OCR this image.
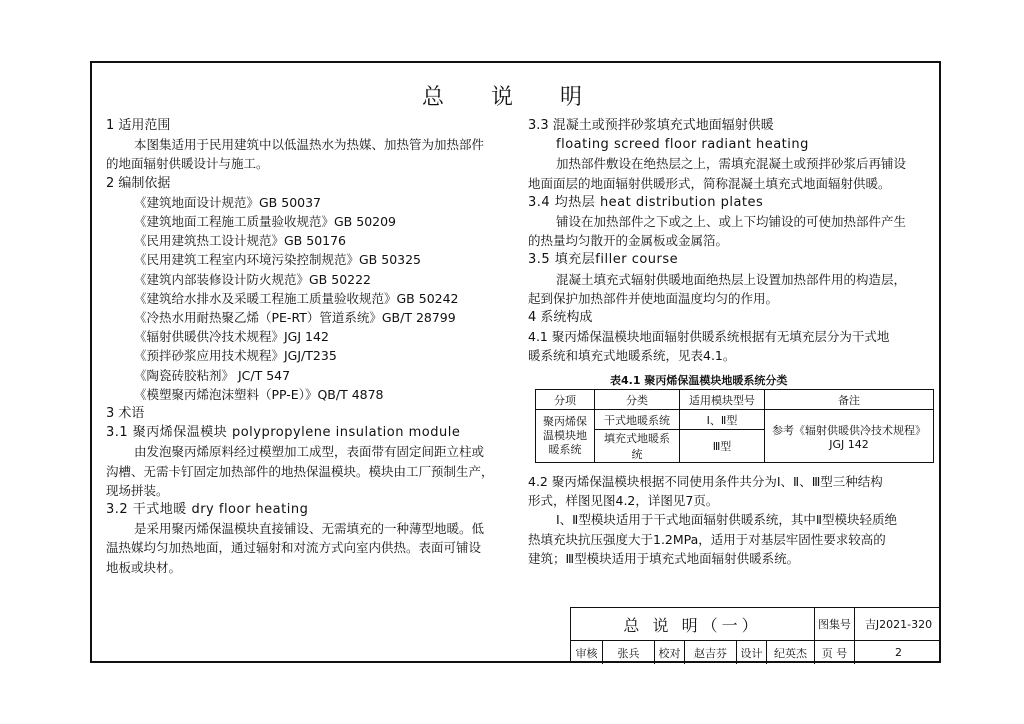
总 说 明
1 适用范围
本图集适用于民用建筑中以低温热水为热媒、加热管为加热部件
的地面辐射供暖设计与施工。
2 编制依据
《建筑地面设计规范》GB 50037
《建筑地面工程施工质量验收规范》GB 50209
《民用建筑热工设计规范》GB 50176
《民用建筑工程室内环境污染控制规范》GB 50325
《建筑内部装修设计防火规范》GB 50222
《建筑给水排水及采暖工程施工质量验收规范》GB 50242
《冷热水用耐热聚乙烯（PE-RT）管道系统》GB/T 28799
《辐射供暖供冷技术规程》JGJ 142
《预拌砂浆应用技术规程》JGJ/T235
《陶瓷砖胶粘剂》 JC/T 547
《模塑聚丙烯泡沫塑料（PP-E）》QB/T 4878
3 术语
3.1 聚丙烯保温模块 polypropylene insulation module
由发泡聚丙烯原料经过模塑加工成型，表面带有固定间距立柱或
沟槽、无需卡钉固定加热部件的地热保温模块。模块由工厂预制生产，
现场拼装。
3.2 干式地暖 dry floor heating
是采用聚丙烯保温模块直接铺设、无需填充的一种薄型地暖。低
温热媒均匀加热地面，通过辐射和对流方式向室内供热。表面可铺设
地板或块材。
3.3 混凝土或预拌砂浆填充式地面辐射供暖
floating screed floor radiant heating
加热部件敷设在绝热层之上，需填充混凝土或预拌砂浆后再铺设
地面面层的地面辐射供暖形式，简称混凝土填充式地面辐射供暖。
3.4 均热层 heat distribution plates
铺设在加热部件之下或之上、或上下均铺设的可使加热部件产生
的热量均匀散开的金属板或金属箔。
3.5 填充层filler course
混凝土填充式辐射供暖地面绝热层上设置加热部件用的构造层，
起到保护加热部件并使地面温度均匀的作用。
4 系统构成
4.1 聚丙烯保温模块地面辐射供暖系统根据有无填充层分为干式地
暖系统和填充式地暖系统，见表4.1。
表4.1 聚丙烯保温模块地暖系统分类
分项	分类	适用模块型号	备注
聚丙烯保温模块地暖系统	干式地暖系统	Ⅰ、Ⅱ型	参考《辐射供暖供冷技术规程》
JGJ 142

	填充式地暖系统	Ⅲ型	
4.2 聚丙烯保温模块根据不同使用条件共分为Ⅰ、Ⅱ、Ⅲ型三种结构
形式，样图见图4.2，详图见7页。
Ⅰ、Ⅱ型模块适用于干式地面辐射供暖系统，其中Ⅱ型模块轻质绝
热填充块抗压强度大于1.2MPa，适用于对基层牢固性要求较高的
建筑；Ⅲ型模块适用于填充式地面辐射供暖系统。
总 说 明（一）	图集号	吉J2021-320
审核	张兵	校对	赵吉芬	设计	纪英杰	页 号	2
